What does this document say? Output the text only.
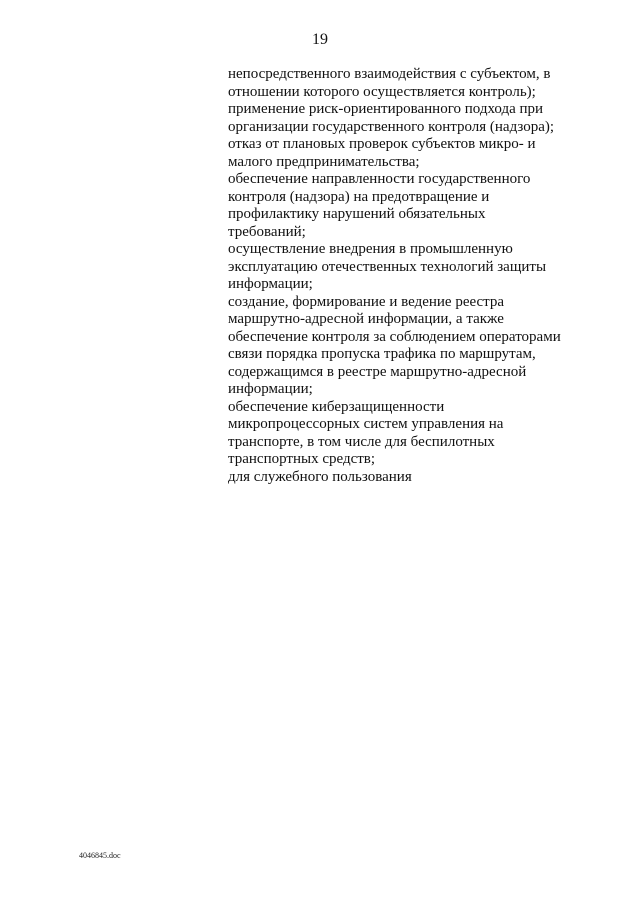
19
непосредственного взаимодействия с субъектом, в
отношении которого осуществляется контроль);
применение риск-ориентированного подхода при
организации государственного контроля (надзора);
отказ от плановых проверок субъектов микро- и
малого предпринимательства;
обеспечение направленности государственного
контроля (надзора) на предотвращение и
профилактику нарушений обязательных
требований;
осуществление внедрения в промышленную
эксплуатацию отечественных технологий защиты
информации;
создание, формирование и ведение реестра
маршрутно-адресной информации, а также
обеспечение контроля за соблюдением операторами
связи порядка пропуска трафика по маршрутам,
содержащимся в реестре маршрутно-адресной
информации;
обеспечение киберзащищенности
микропроцессорных систем управления на
транспорте, в том числе для беспилотных
транспортных средств;
для служебного пользования
4046845.doc
